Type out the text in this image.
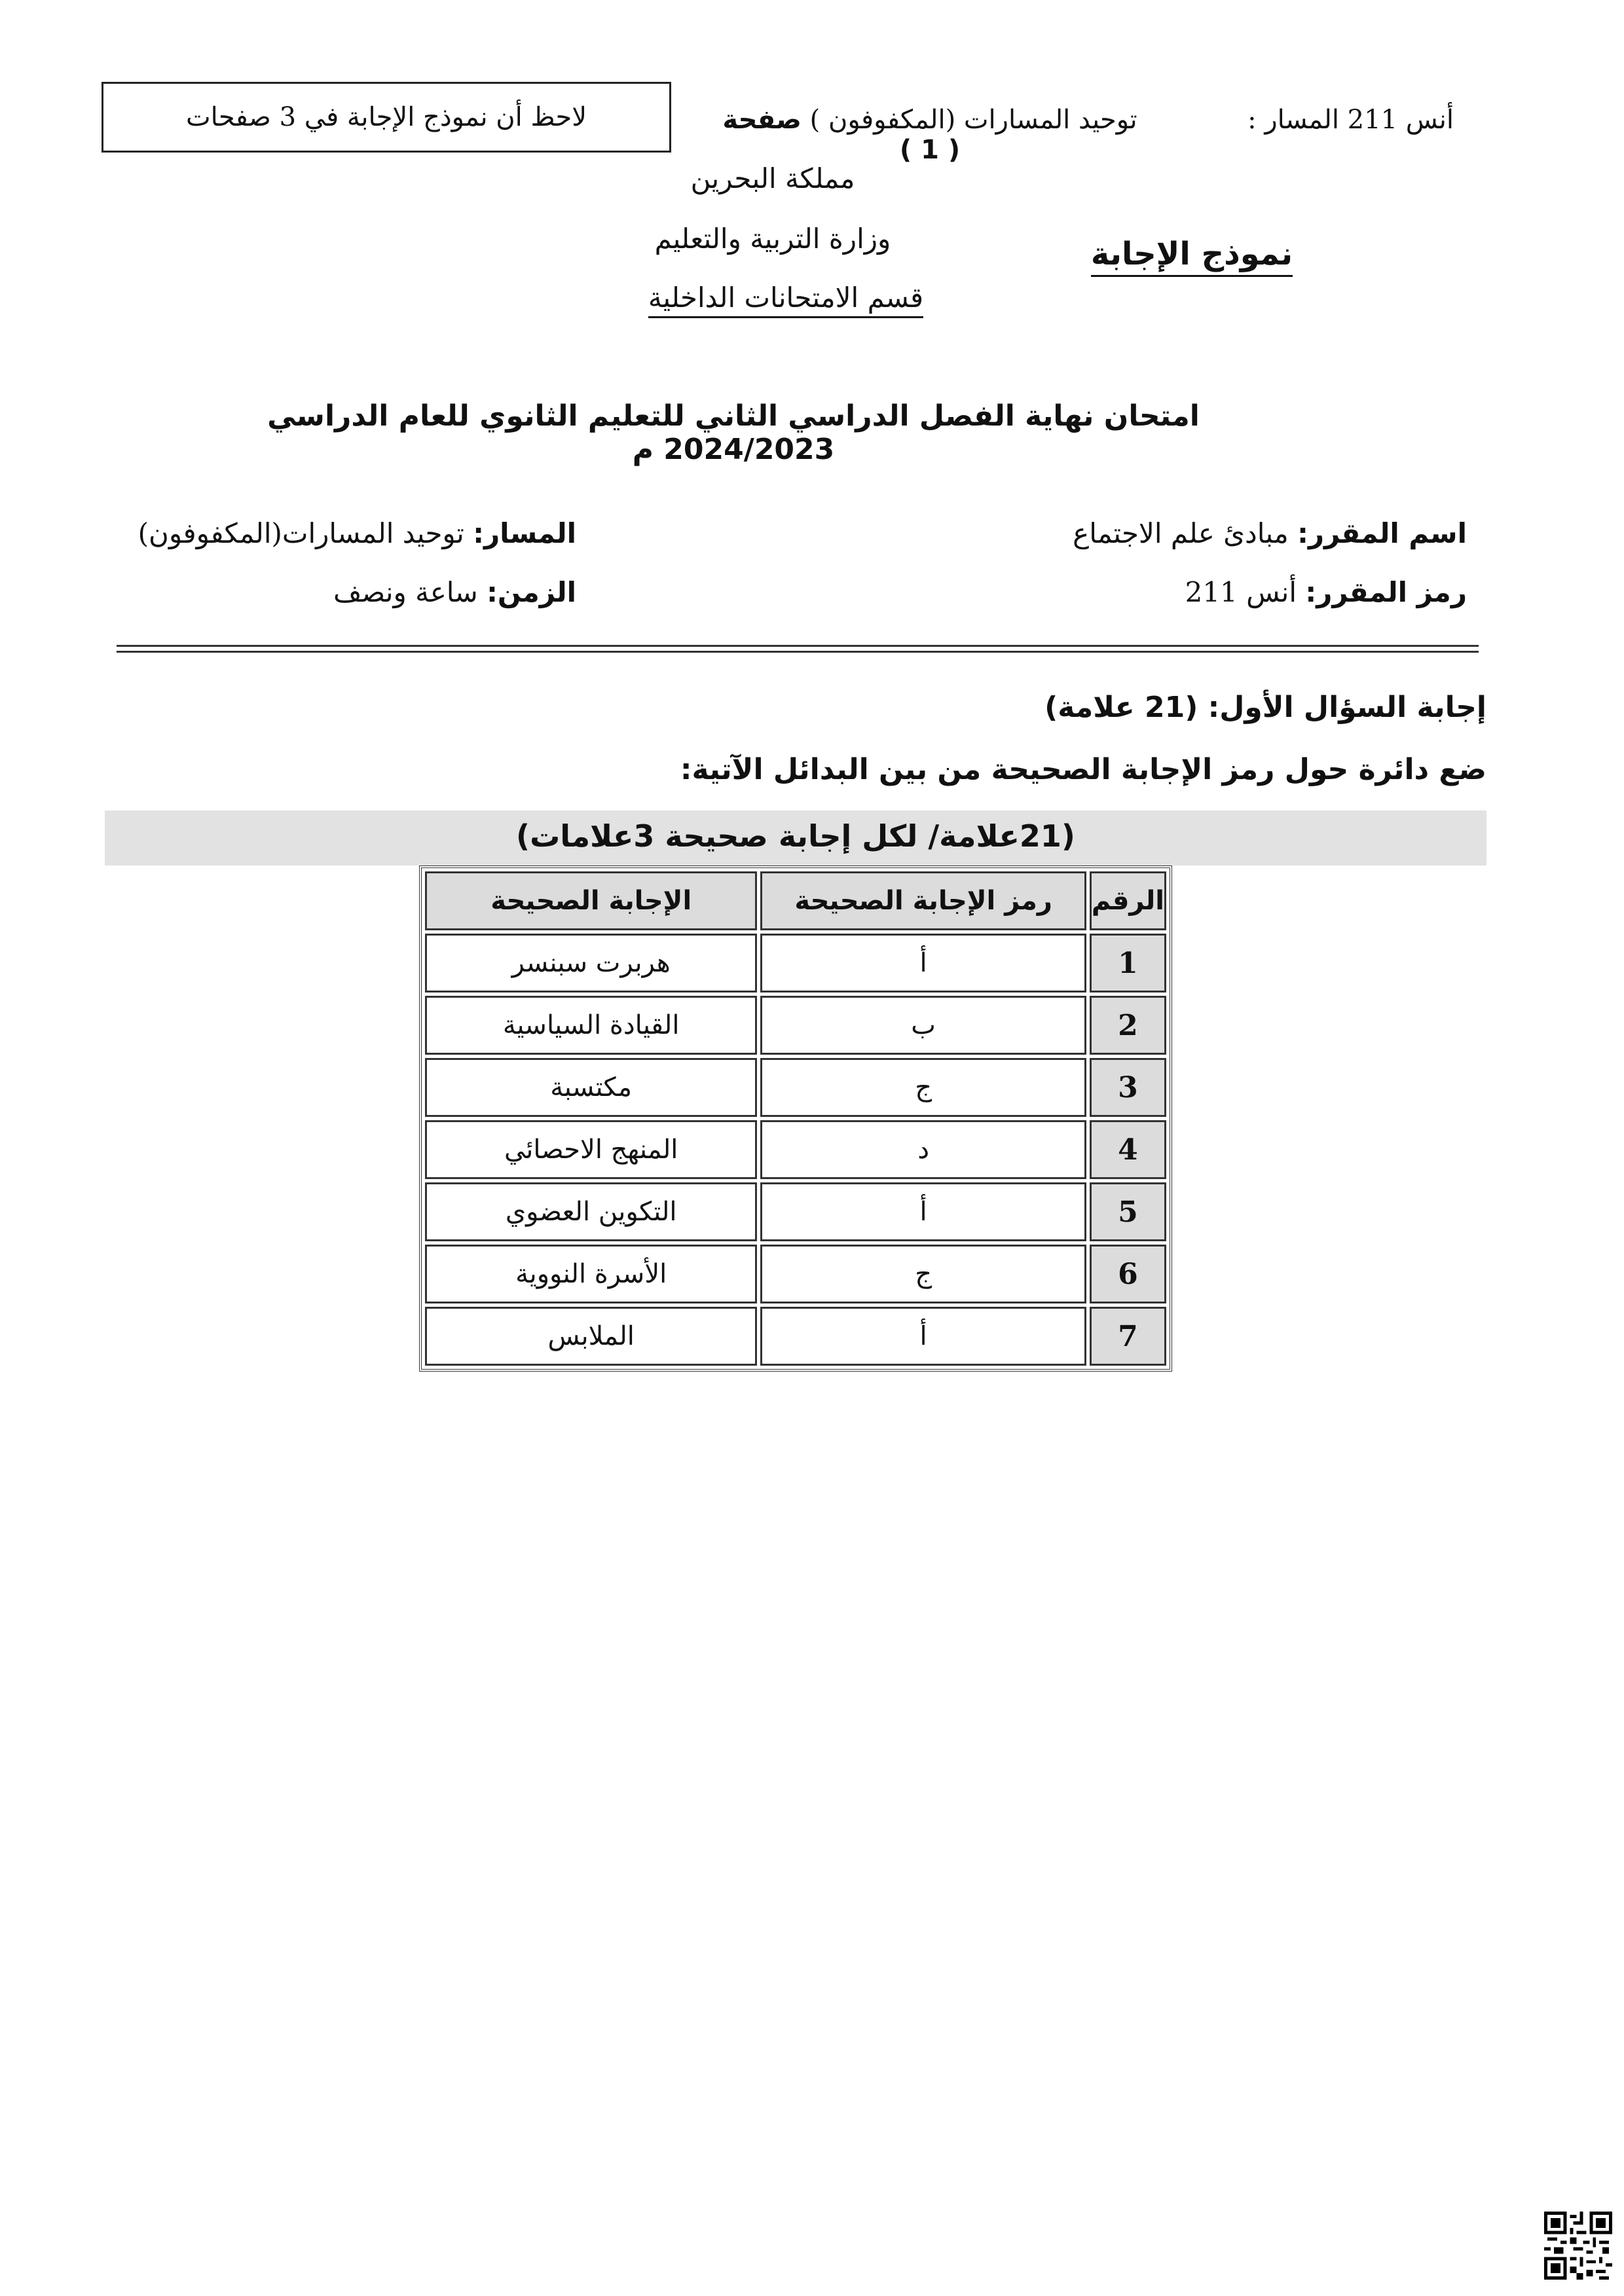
لاحظ أن نموذج الإجابة في 3 صفحات	توحيد المسارات (المكفوفون ) صفحة ( 1 )
أنس 211 المسار :
مملكة البحرين
وزارة التربية والتعليم
قسم الامتحانات الداخلية
نموذج الإجابة
امتحان نهاية الفصل الدراسي الثاني للتعليم الثانوي للعام الدراسي 2024/2023 م
اسم المقرر: مبادئ علم الاجتماع
رمز المقرر: أنس 211
المسار: توحيد المسارات(المكفوفون)
الزمن: ساعة ونصف
إجابة السؤال الأول: (21 علامة)
ضع دائرة حول رمز الإجابة الصحيحة من بين البدائل الآتية:
(21علامة/ لكل إجابة صحيحة 3علامات)
الرقم	رمز الإجابة الصحيحة	الإجابة الصحيحة
1	أ	هربرت سبنسر
2	ب	القيادة السياسية
3	ج	مكتسبة
4	د	المنهج الاحصائي
5	أ	التكوين العضوي
6	ج	الأسرة النووية
7	أ	الملابس
